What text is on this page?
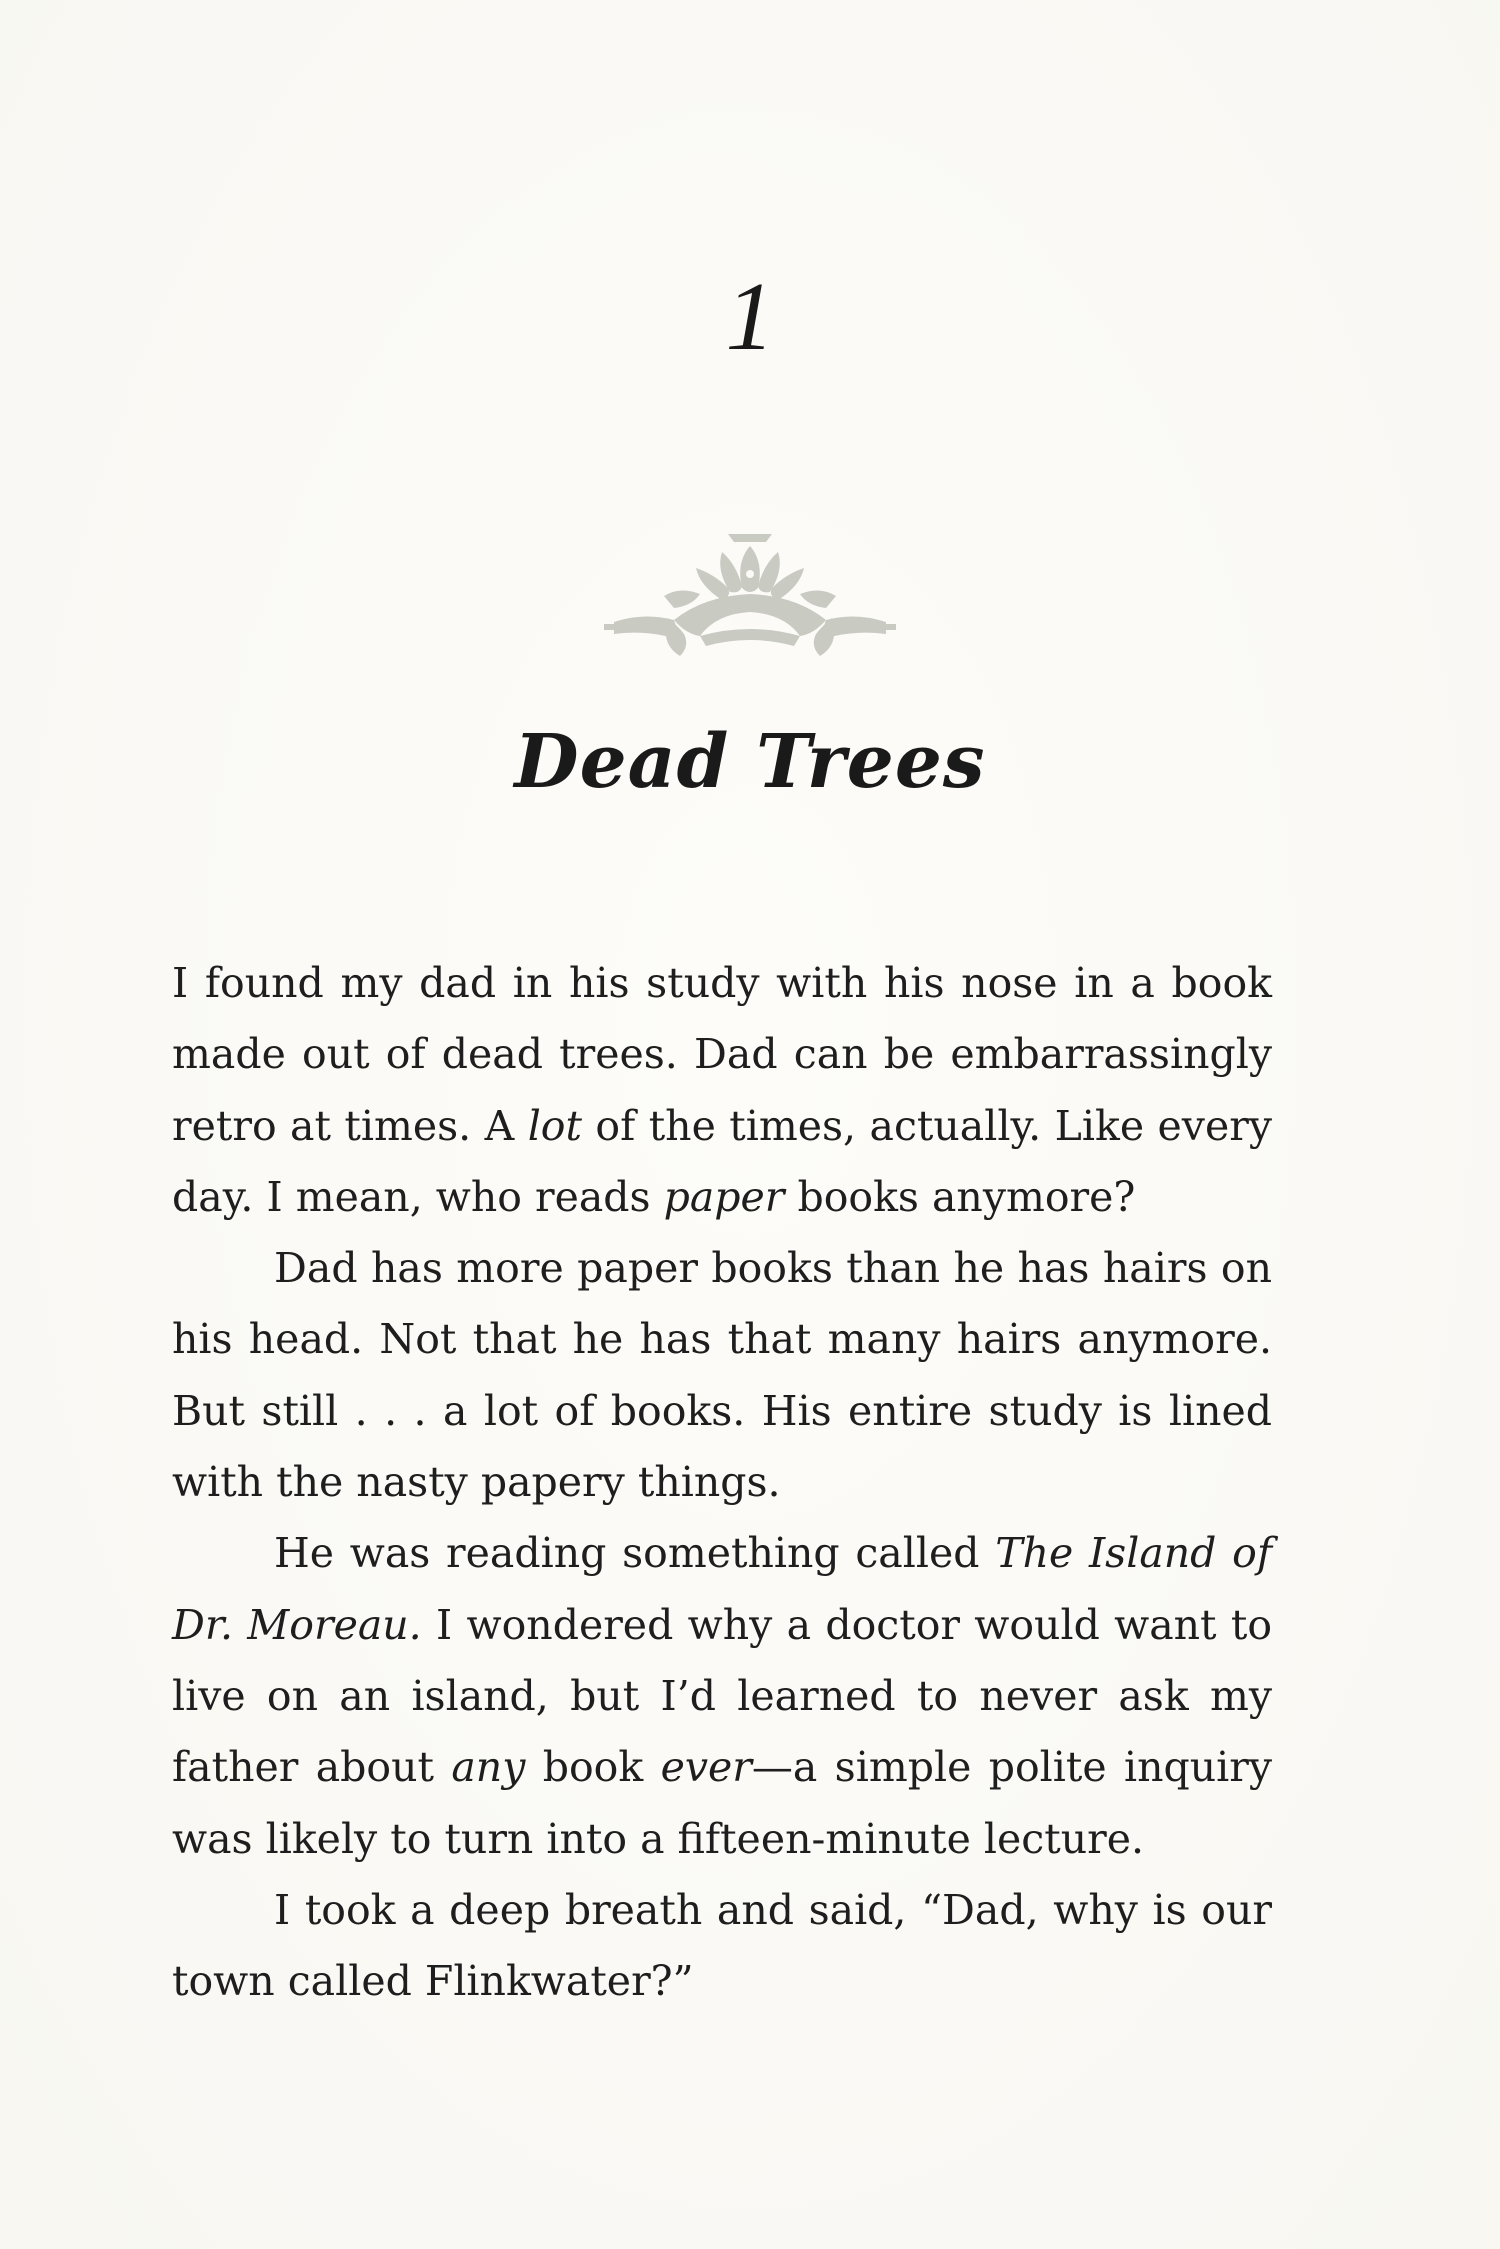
1
Dead Trees

I found my dad in his study with his nose in a book made out of dead trees. Dad can be embarrassingly retro at times. A lot of the times, actually. Like every day. I mean, who reads paper books anymore?

Dad has more paper books than he has hairs on his head. Not that he has that many hairs anymore. But still . . . a lot of books. His entire study is lined with the nasty papery things.

He was reading something called The Island of Dr. Moreau. I wondered why a doctor would want to live on an island, but I’d learned to never ask my father about any book ever—a simple polite inquiry was likely to turn into a fifteen-minute lecture.

I took a deep breath and said, “Dad, why is our town called Flinkwater?”
